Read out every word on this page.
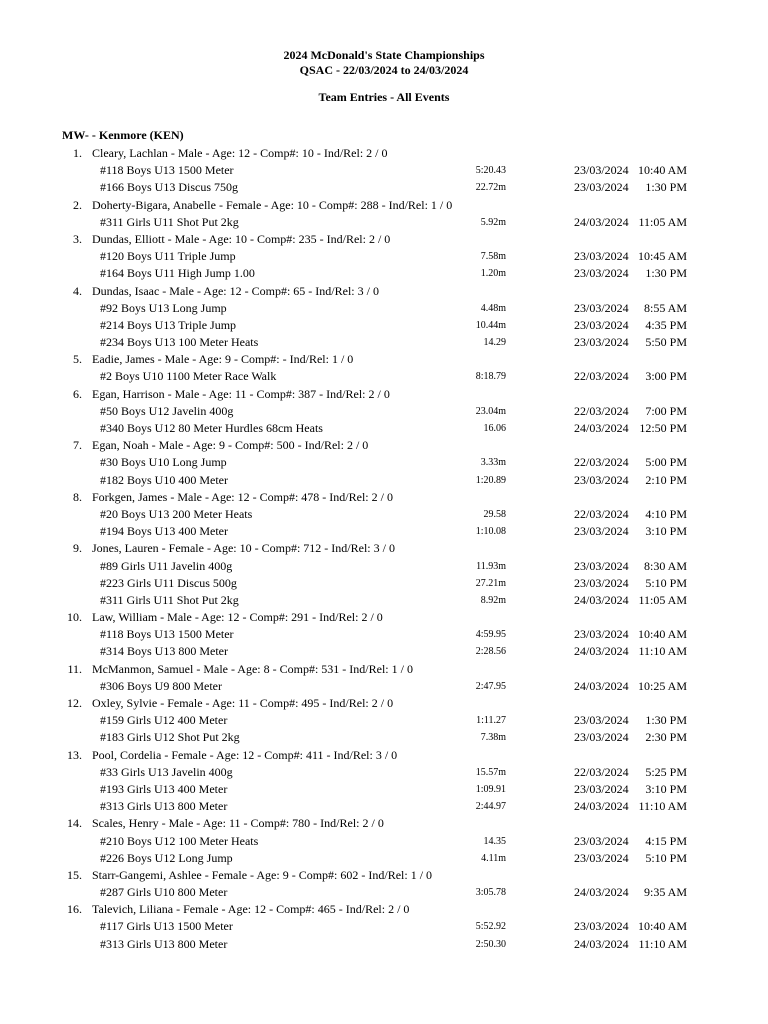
2024 McDonald's State Championships
QSAC - 22/03/2024 to 24/03/2024
Team Entries - All Events
MW- - Kenmore (KEN)
1. Cleary, Lachlan - Male - Age: 12 - Comp#: 10 - Ind/Rel: 2 / 0
#118 Boys U13 1500 Meter	5:20.43	23/03/2024 10:40 AM
#166 Boys U13 Discus 750g	22.72m	23/03/2024 1:30 PM
2. Doherty-Bigara, Anabelle - Female - Age: 10 - Comp#: 288 - Ind/Rel: 1 / 0
#311 Girls U11 Shot Put 2kg	5.92m	24/03/2024 11:05 AM
3. Dundas, Elliott - Male - Age: 10 - Comp#: 235 - Ind/Rel: 2 / 0
#120 Boys U11 Triple Jump	7.58m	23/03/2024 10:45 AM
#164 Boys U11 High Jump 1.00	1.20m	23/03/2024 1:30 PM
4. Dundas, Isaac - Male - Age: 12 - Comp#: 65 - Ind/Rel: 3 / 0
#92 Boys U13 Long Jump	4.48m	23/03/2024 8:55 AM
#214 Boys U13 Triple Jump	10.44m	23/03/2024 4:35 PM
#234 Boys U13 100 Meter Heats	14.29	23/03/2024 5:50 PM
5. Eadie, James - Male - Age: 9 - Comp#: - Ind/Rel: 1 / 0
#2 Boys U10 1100 Meter Race Walk	8:18.79	22/03/2024 3:00 PM
6. Egan, Harrison - Male - Age: 11 - Comp#: 387 - Ind/Rel: 2 / 0
#50 Boys U12 Javelin 400g	23.04m	22/03/2024 7:00 PM
#340 Boys U12 80 Meter Hurdles 68cm Heats	16.06	24/03/2024 12:50 PM
7. Egan, Noah - Male - Age: 9 - Comp#: 500 - Ind/Rel: 2 / 0
#30 Boys U10 Long Jump	3.33m	22/03/2024 5:00 PM
#182 Boys U10 400 Meter	1:20.89	23/03/2024 2:10 PM
8. Forkgen, James - Male - Age: 12 - Comp#: 478 - Ind/Rel: 2 / 0
#20 Boys U13 200 Meter Heats	29.58	22/03/2024 4:10 PM
#194 Boys U13 400 Meter	1:10.08	23/03/2024 3:10 PM
9. Jones, Lauren - Female - Age: 10 - Comp#: 712 - Ind/Rel: 3 / 0
#89 Girls U11 Javelin 400g	11.93m	23/03/2024 8:30 AM
#223 Girls U11 Discus 500g	27.21m	23/03/2024 5:10 PM
#311 Girls U11 Shot Put 2kg	8.92m	24/03/2024 11:05 AM
10. Law, William - Male - Age: 12 - Comp#: 291 - Ind/Rel: 2 / 0
#118 Boys U13 1500 Meter	4:59.95	23/03/2024 10:40 AM
#314 Boys U13 800 Meter	2:28.56	24/03/2024 11:10 AM
11. McManmon, Samuel - Male - Age: 8 - Comp#: 531 - Ind/Rel: 1 / 0
#306 Boys U9 800 Meter	2:47.95	24/03/2024 10:25 AM
12. Oxley, Sylvie - Female - Age: 11 - Comp#: 495 - Ind/Rel: 2 / 0
#159 Girls U12 400 Meter	1:11.27	23/03/2024 1:30 PM
#183 Girls U12 Shot Put 2kg	7.38m	23/03/2024 2:30 PM
13. Pool, Cordelia - Female - Age: 12 - Comp#: 411 - Ind/Rel: 3 / 0
#33 Girls U13 Javelin 400g	15.57m	22/03/2024 5:25 PM
#193 Girls U13 400 Meter	1:09.91	23/03/2024 3:10 PM
#313 Girls U13 800 Meter	2:44.97	24/03/2024 11:10 AM
14. Scales, Henry - Male - Age: 11 - Comp#: 780 - Ind/Rel: 2 / 0
#210 Boys U12 100 Meter Heats	14.35	23/03/2024 4:15 PM
#226 Boys U12 Long Jump	4.11m	23/03/2024 5:10 PM
15. Starr-Gangemi, Ashlee - Female - Age: 9 - Comp#: 602 - Ind/Rel: 1 / 0
#287 Girls U10 800 Meter	3:05.78	24/03/2024 9:35 AM
16. Talevich, Liliana - Female - Age: 12 - Comp#: 465 - Ind/Rel: 2 / 0
#117 Girls U13 1500 Meter	5:52.92	23/03/2024 10:40 AM
#313 Girls U13 800 Meter	2:50.30	24/03/2024 11:10 AM
